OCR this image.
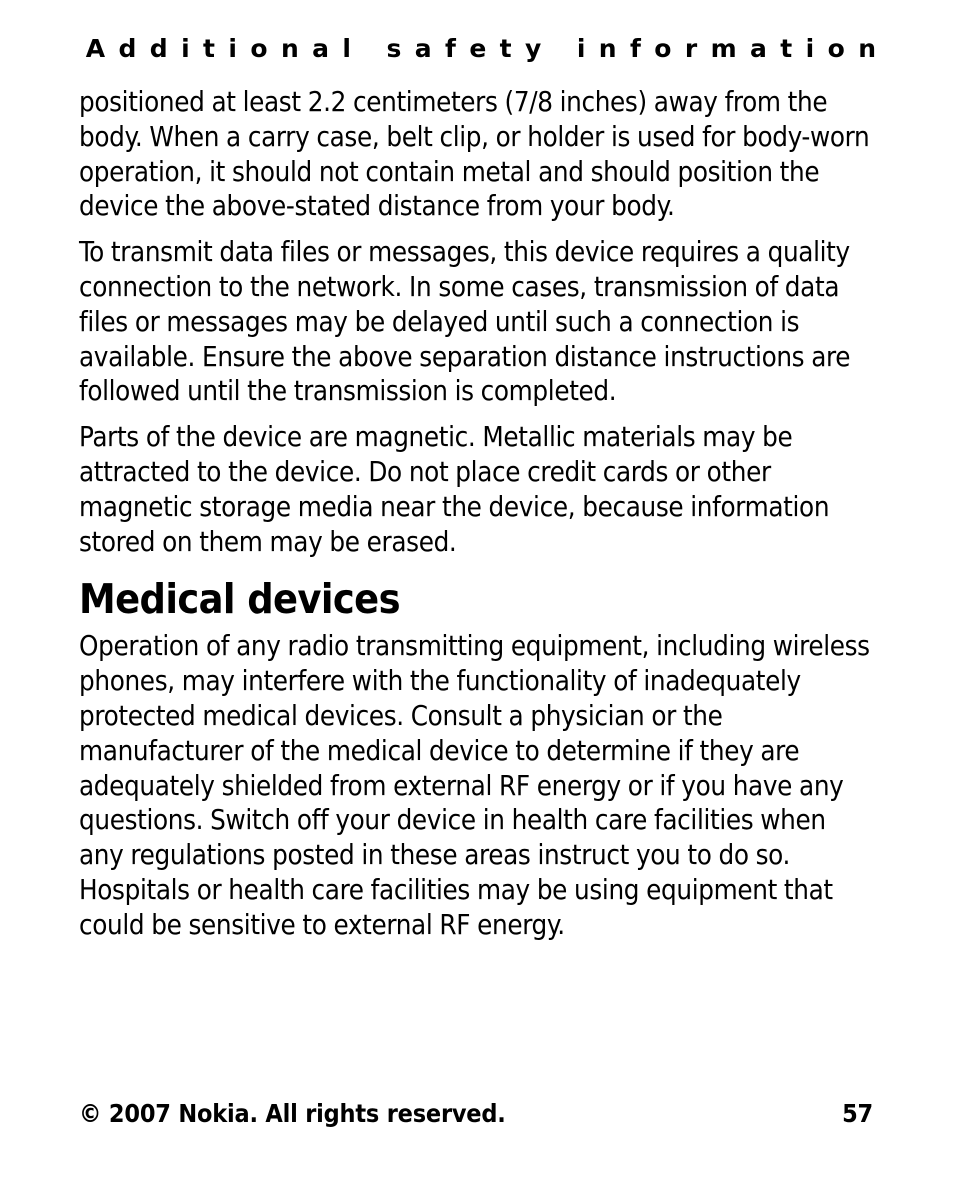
Additional safety information

positioned at least 2.2 centimeters (7/8 inches) away from the body. When a carry case, belt clip, or holder is used for body-worn operation, it should not contain metal and should position the device the above-stated distance from your body.

To transmit data files or messages, this device requires a quality connection to the network. In some cases, transmission of data files or messages may be delayed until such a connection is available. Ensure the above separation distance instructions are followed until the transmission is completed.

Parts of the device are magnetic. Metallic materials may be attracted to the device. Do not place credit cards or other magnetic storage media near the device, because information stored on them may be erased.

Medical devices

Operation of any radio transmitting equipment, including wireless phones, may interfere with the functionality of inadequately protected medical devices. Consult a physician or the manufacturer of the medical device to determine if they are adequately shielded from external RF energy or if you have any questions. Switch off your device in health care facilities when any regulations posted in these areas instruct you to do so. Hospitals or health care facilities may be using equipment that could be sensitive to external RF energy.

© 2007 Nokia. All rights reserved.	57
